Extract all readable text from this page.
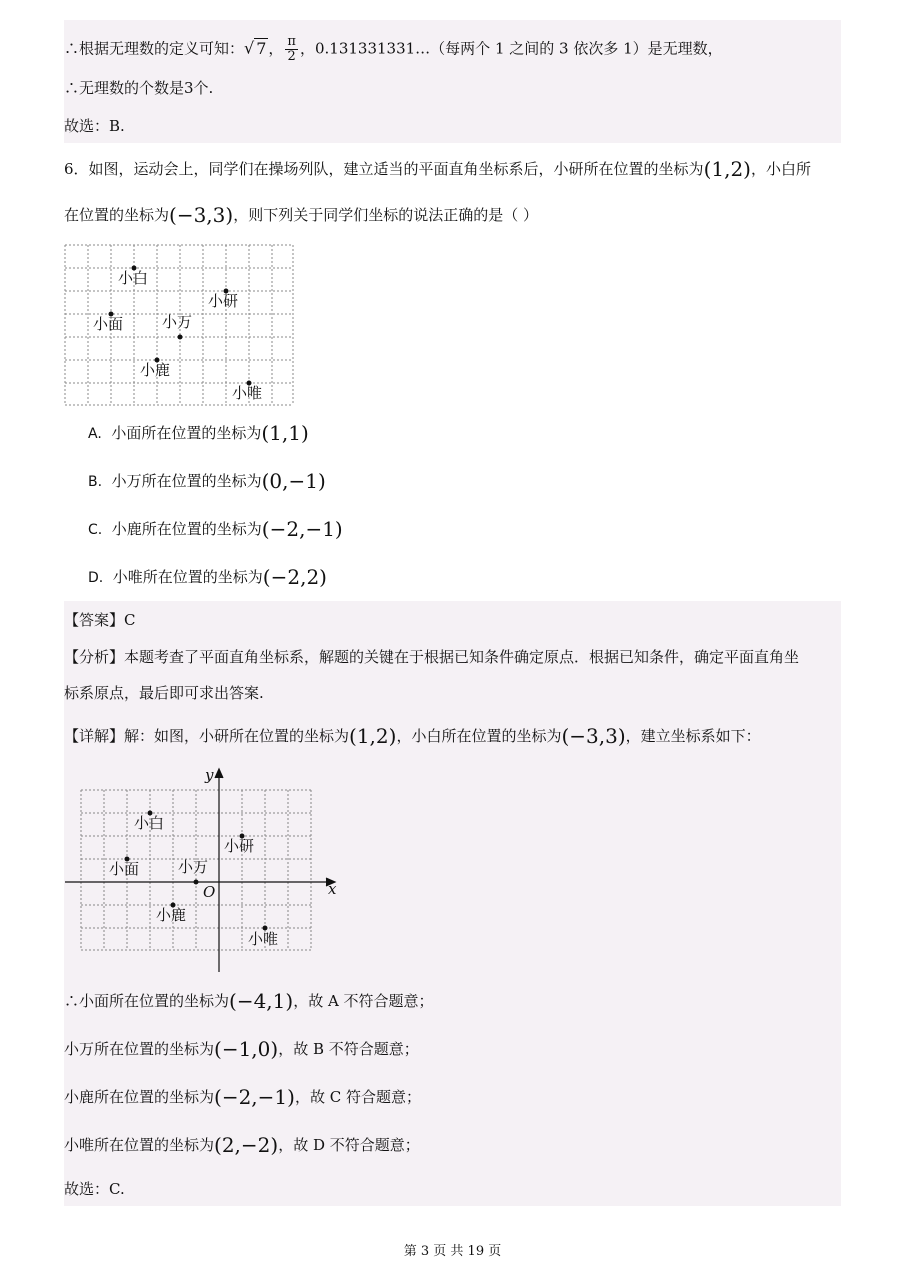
∴根据无理数的定义可知：√ 7 ， $\frac{\pi}{2}$ ，0.131331331…（每两个 1 之间的 3 依次多 1）是无理数，
∴无理数的个数是3个.
故选：B.
6．如图，运动会上，同学们在操场列队，建立适当的平面直角坐标系后，小研所在位置的坐标为(1,2)，小白所
在位置的坐标为(−3,3)，则下列关于同学们坐标的说法正确的是（ ）
小白
小研
小面	小万
小鹿
小唯
A. 小面所在位置的坐标为(1,1)
B. 小万所在位置的坐标为(0,−1)
C. 小鹿所在位置的坐标为(−2,−1)
D. 小唯所在位置的坐标为(−2,2)
【答案】C
【分析】本题考查了平面直角坐标系，解题的关键在于根据已知条件确定原点．根据已知条件，确定平面直角坐
标系原点，最后即可求出答案.
【详解】解：如图，小研所在位置的坐标为(1,2)，小白所在位置的坐标为(−3,3)，建立坐标系如下：
y
x
O
小白
小研
小面	小万
小鹿
小唯
∴小面所在位置的坐标为(−4,1)，故 A 不符合题意；
小万所在位置的坐标为(−1,0)，故 B 不符合题意；
小鹿所在位置的坐标为(−2,−1)，故 C 符合题意；
小唯所在位置的坐标为(2,−2)，故 D 不符合题意；
故选：C.
第 3 页 共 19 页
